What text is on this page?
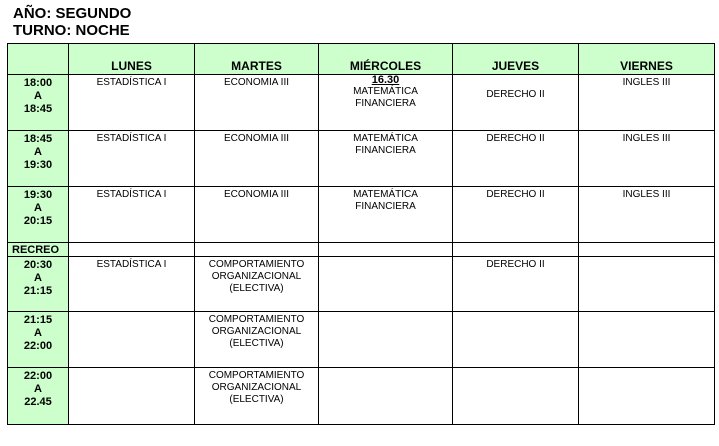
AÑO: SEGUNDO
TURNO: NOCHE
	LUNES	MARTES	MIÉRCOLES	JUEVES	VIERNES

18:00
A
18:45	ESTADÍSTICA I	ECONOMIA III	16.30
MATEMÁTICA
FINANCIERA	DERECHO II	INGLES III

18:45
A
19:30	ESTADÍSTICA I	ECONOMIA III	MATEMÁTICA
FINANCIERA	DERECHO II	INGLES III

19:30
A
20:15	ESTADÍSTICA I	ECONOMIA III	MATEMÁTICA
FINANCIERA	DERECHO II	INGLES III

RECREO					

20:30
A
21:15	ESTADÍSTICA I	COMPORTAMIENTO
ORGANIZACIONAL
(ELECTIVA)		DERECHO II	

21:15
A
22:00		COMPORTAMIENTO
ORGANIZACIONAL
(ELECTIVA)			

22:00
A
22.45		COMPORTAMIENTO
ORGANIZACIONAL
(ELECTIVA)			
